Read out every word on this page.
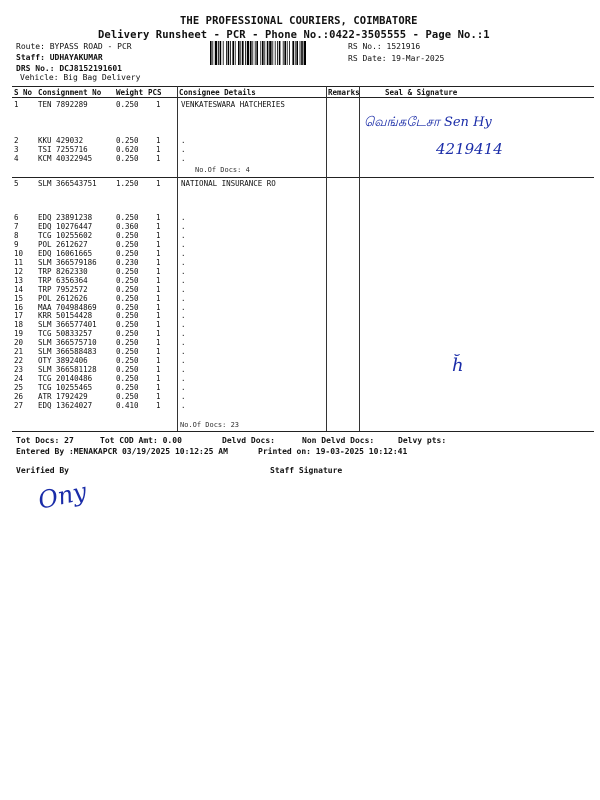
THE PROFESSIONAL COURIERS, COIMBATORE
Delivery Runsheet - PCR - Phone No.:0422-3505555 - Page No.:1
Route: BYPASS ROAD - PCR
Staff: UDHAYAKUMAR
DRS No.: DCJ8152191601
Vehicle: Big Bag Delivery
RS No.: 1521916
RS Date: 19-Mar-2025
S No Consignment No Weight PCS Consignee Details	Remarks	Seal & Signature
1	TEN 7892289	0.250 1	VENKATESWARA HATCHERIES
2	KKU 429032	0.250 1	.
3	TSI 7255716	0.620 1	.
4	KCM 40322945	0.250 1	.
No.Of Docs: 4
5	SLM 366543751	1.250 1	NATIONAL INSURANCE RO
6	EDQ 23891238	0.250 1	.
7	EDQ 10276447	0.360 1	.
8	TCG 10255602	0.250 1	.
9	POL 2612627	0.250 1	.
10 EDQ 16061665	0.250 1	.
11 SLM 366579186	0.230 1	.
12 TRP 8262330	0.250 1	.
13 TRP 6356364	0.250 1	.
14 TRP 7952572	0.250 1	.
15 POL 2612626	0.250 1	.
16 MAA 704984869	0.250 1	.
17 KRR 50154428	0.250 1	.
18 SLM 366577401	0.250 1	.
19 TCG 50833257	0.250 1	.
20 SLM 366575710	0.250 1	.
21 SLM 366588483	0.250 1	.
22 OTY 3892406	0.250 1	.
23 SLM 366581128	0.250 1	.
24 TCG 20140486	0.250 1	.
25 TCG 10255465	0.250 1	.
26 ATR 1792429	0.250 1	.
27 EDQ 13624027	0.410 1	.
No.Of Docs: 23
Tot Docs: 27	Tot COD Amt: 0.00	Delvd Docs:	Non Delvd Docs:	Delvy pts:
Entered By :MENAKAPCR 03/19/2025 10:12:25 AM	Printed on: 19-03-2025 10:12:41
Verified By	Staff Signature
வெங்கடேசா Sen Hy
4219414
h̆
Ony
